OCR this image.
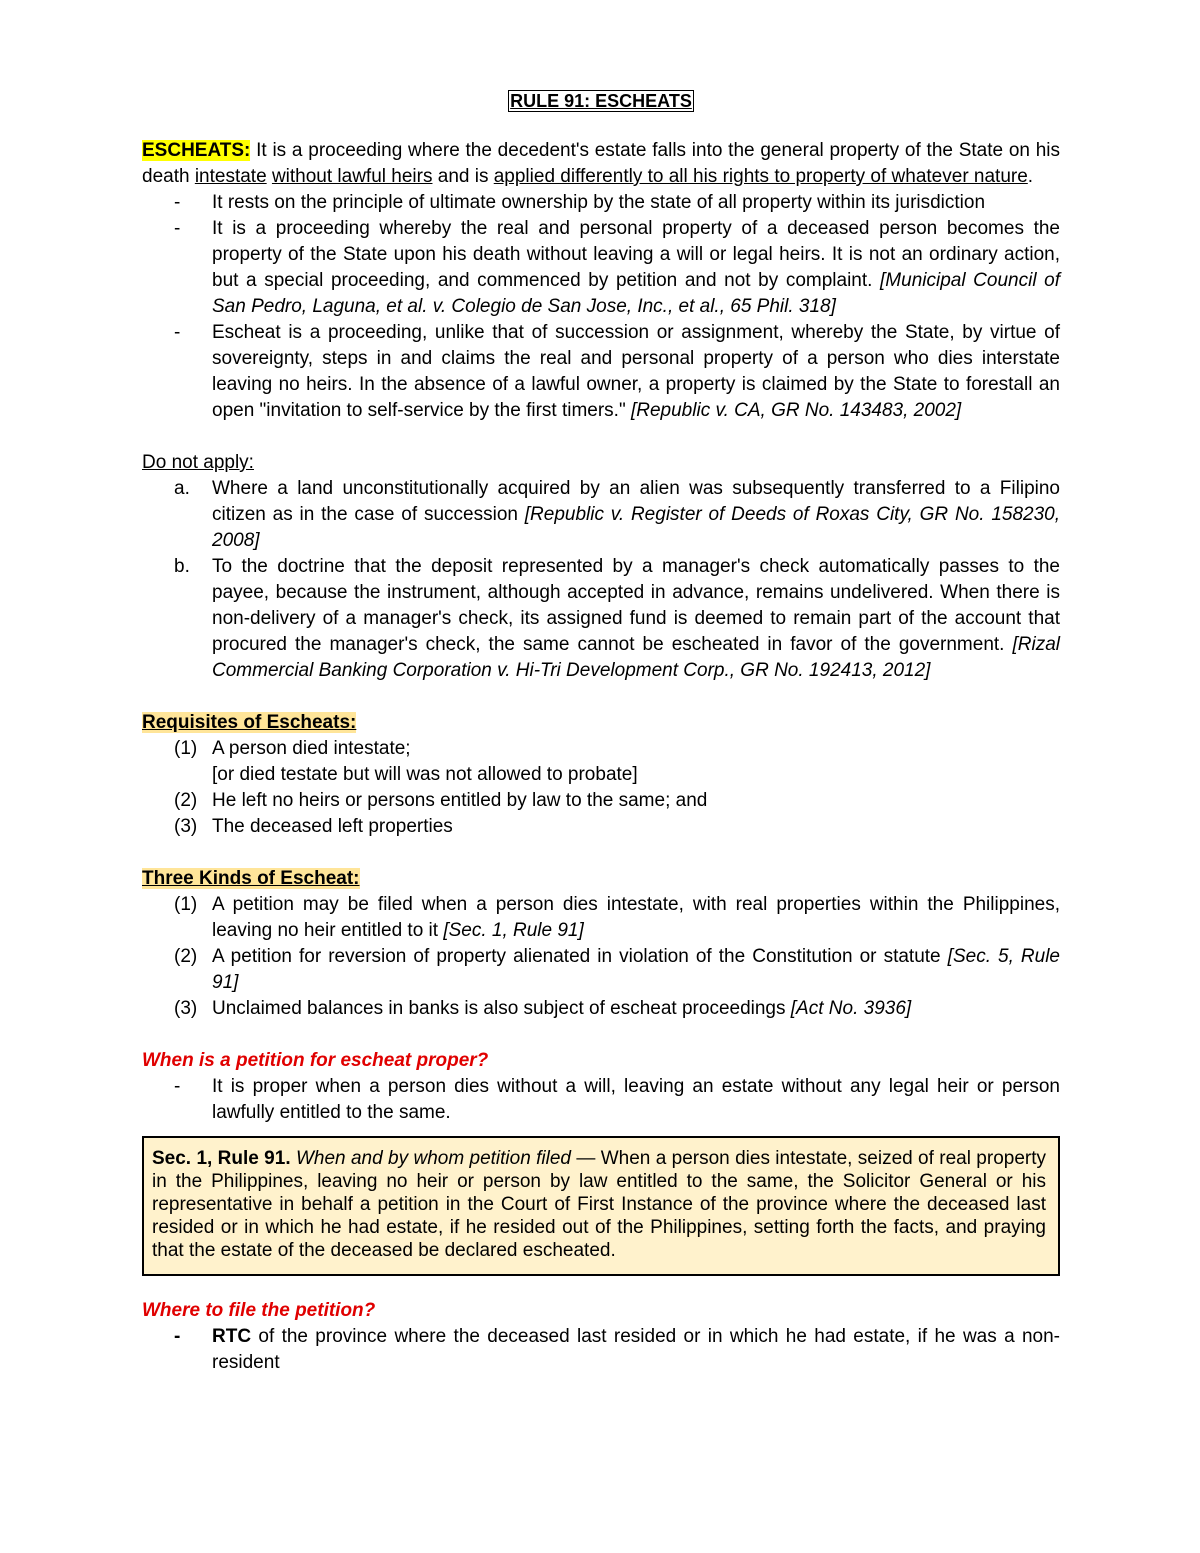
RULE 91: ESCHEATS

ESCHEATS: It is a proceeding where the decedent's estate falls into the general property of the State on his death intestate without lawful heirs and is applied differently to all his rights to property of whatever nature.

- It rests on the principle of ultimate ownership by the state of all property within its jurisdiction
- It is a proceeding whereby the real and personal property of a deceased person becomes the property of the State upon his death without leaving a will or legal heirs. It is not an ordinary action, but a special proceeding, and commenced by petition and not by complaint. [Municipal Council of San Pedro, Laguna, et al. v. Colegio de San Jose, Inc., et al., 65 Phil. 318]
- Escheat is a proceeding, unlike that of succession or assignment, whereby the State, by virtue of sovereignty, steps in and claims the real and personal property of a person who dies interstate leaving no heirs. In the absence of a lawful owner, a property is claimed by the State to forestall an open "invitation to self-service by the first timers." [Republic v. CA, GR No. 143483, 2002]

Do not apply:

a. Where a land unconstitutionally acquired by an alien was subsequently transferred to a Filipino citizen as in the case of succession [Republic v. Register of Deeds of Roxas City, GR No. 158230, 2008]
b. To the doctrine that the deposit represented by a manager's check automatically passes to the payee, because the instrument, although accepted in advance, remains undelivered. When there is non-delivery of a manager's check, its assigned fund is deemed to remain part of the account that procured the manager's check, the same cannot be escheated in favor of the government. [Rizal Commercial Banking Corporation v. Hi-Tri Development Corp., GR No. 192413, 2012]

Requisites of Escheats:

(1) A person died intestate;
[or died testate but will was not allowed to probate]
(2) He left no heirs or persons entitled by law to the same; and
(3) The deceased left properties

Three Kinds of Escheat:

(1) A petition may be filed when a person dies intestate, with real properties within the Philippines, leaving no heir entitled to it [Sec. 1, Rule 91]
(2) A petition for reversion of property alienated in violation of the Constitution or statute [Sec. 5, Rule 91]
(3) Unclaimed balances in banks is also subject of escheat proceedings [Act No. 3936]

When is a petition for escheat proper?

- It is proper when a person dies without a will, leaving an estate without any legal heir or person lawfully entitled to the same.
Sec. 1, Rule 91. When and by whom petition filed — When a person dies intestate, seized of real property in the Philippines, leaving no heir or person by law entitled to the same, the Solicitor General or his representative in behalf a petition in the Court of First Instance of the province where the deceased last resided or in which he had estate, if he resided out of the Philippines, setting forth the facts, and praying that the estate of the deceased be declared escheated.

Where to file the petition?

- RTC of the province where the deceased last resided or in which he had estate, if he was a non-resident
